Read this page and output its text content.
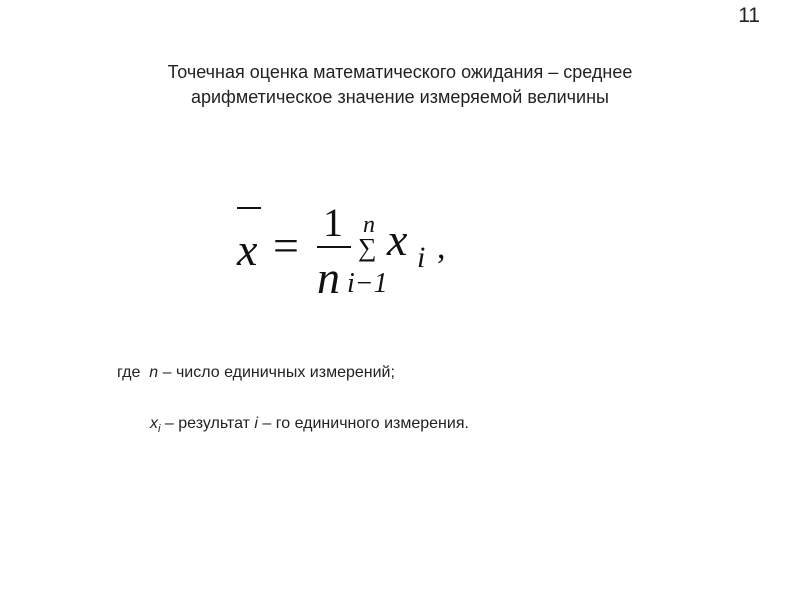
11
Точечная оценка математического ожидания – среднее
арифметическое значение измеряемой величины
x = 1
n
n
∑ x i ,
i−1
где n – число единичных измерений;
$x_i$ – результат i – го единичного измерения.
